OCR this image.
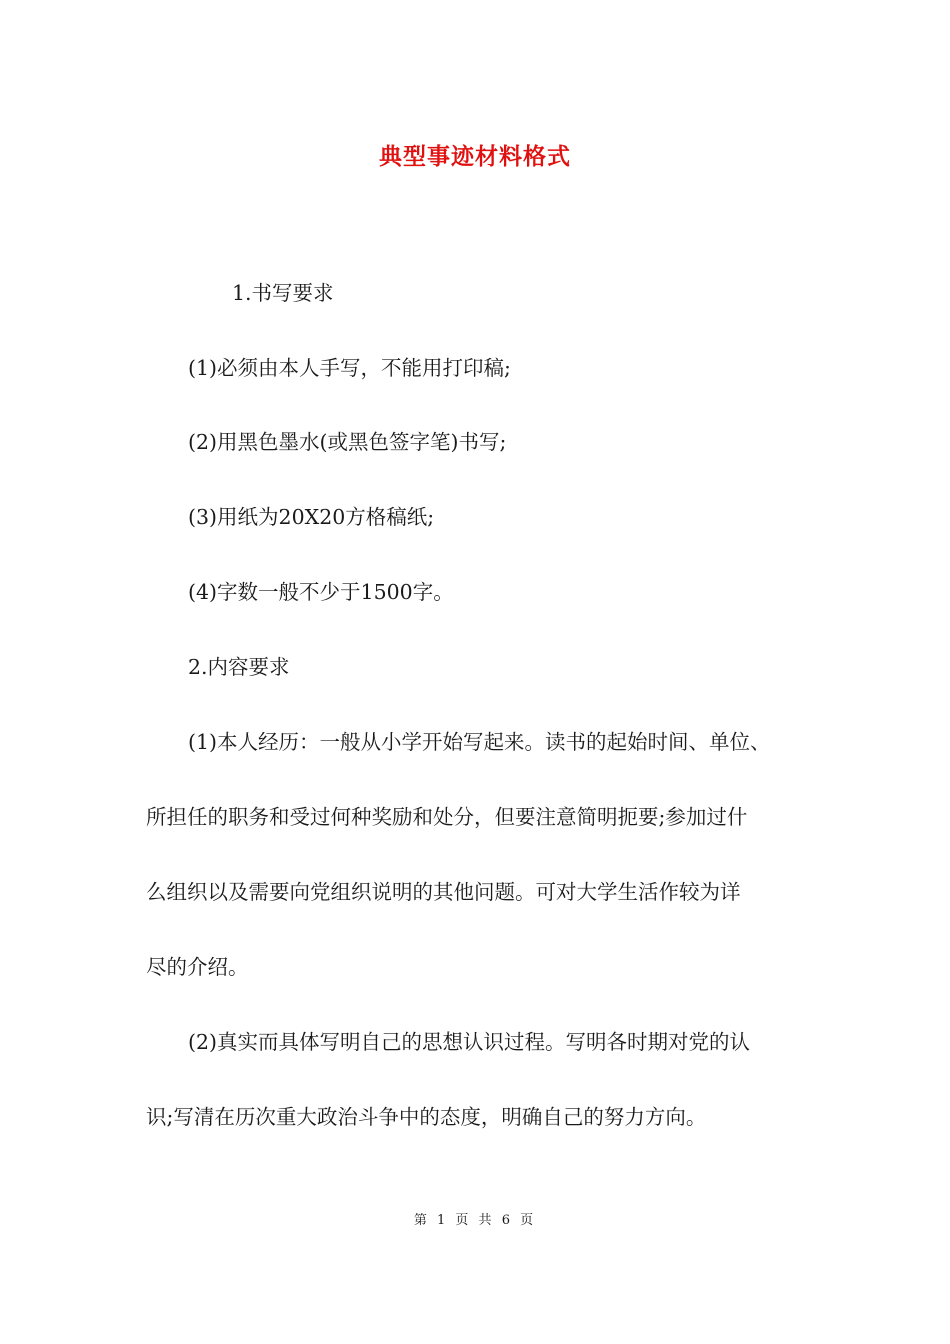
典型事迹材料格式
1.书写要求
(1)必须由本人手写，不能用打印稿;
(2)用黑色墨水(或黑色签字笔)书写;
(3)用纸为20X20方格稿纸;
(4)字数一般不少于1500字。
2.内容要求
(1)本人经历：一般从小学开始写起来。读书的起始时间、单位、
所担任的职务和受过何种奖励和处分，但要注意简明扼要;参加过什
么组织以及需要向党组织说明的其他问题。可对大学生活作较为详
尽的介绍。
(2)真实而具体写明自己的思想认识过程。写明各时期对党的认
识;写清在历次重大政治斗争中的态度，明确自己的努力方向。
第 1 页 共 6 页
